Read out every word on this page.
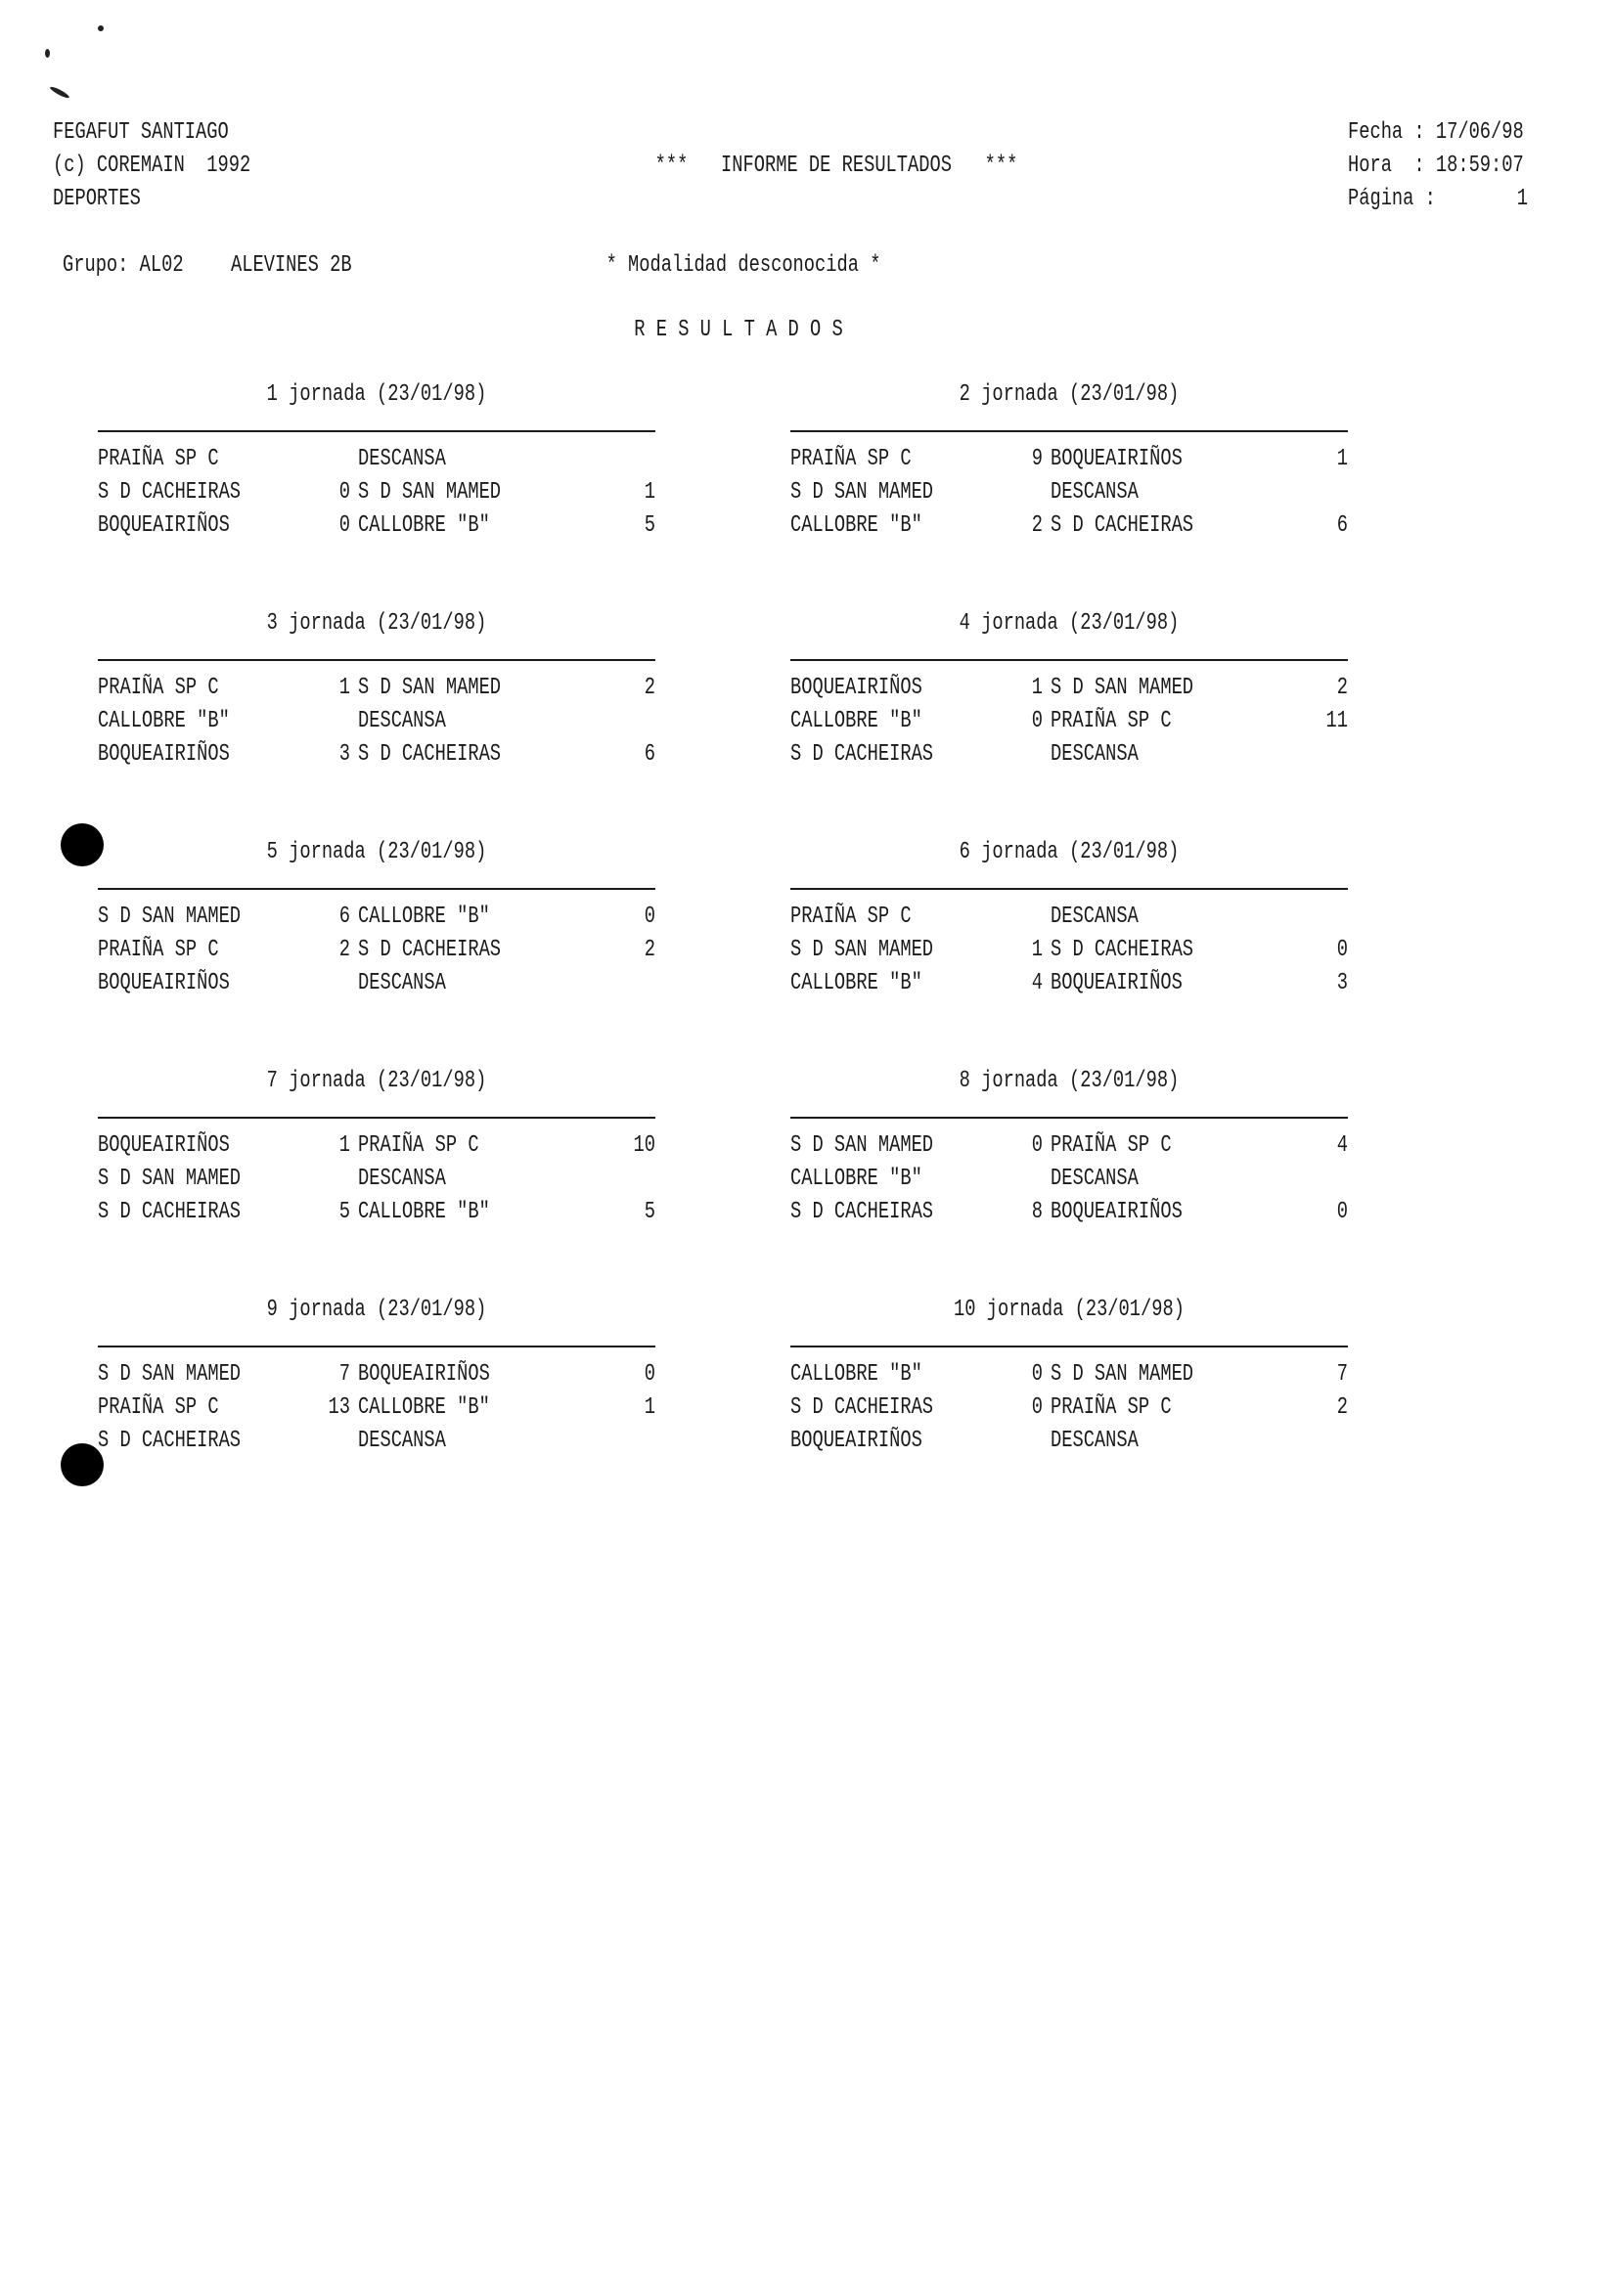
FEGAFUT SANTIAGO
(c) COREMAIN  1992
DEPORTES
***   INFORME DE RESULTADOS   ***
Fecha : 17/06/98
Hora  : 18:59:07
Página :	1
Grupo: AL02 ALEVINES 2B	* Modalidad desconocida *
R E S U L T A D O S
1 jornada (23/01/98)
PRAIÑA SP C	DESCANSA
S D CACHEIRAS	0 S D SAN MAMED	1
BOQUEAIRIÑOS	0 CALLOBRE "B"	5
2 jornada (23/01/98)
PRAIÑA SP C	9 BOQUEAIRIÑOS	1
S D SAN MAMED	DESCANSA
CALLOBRE "B"	2 S D CACHEIRAS	6
3 jornada (23/01/98)
PRAIÑA SP C	1 S D SAN MAMED	2
CALLOBRE "B"	DESCANSA
BOQUEAIRIÑOS	3 S D CACHEIRAS	6
4 jornada (23/01/98)
BOQUEAIRIÑOS	1 S D SAN MAMED	2
CALLOBRE "B"	0 PRAIÑA SP C	11
S D CACHEIRAS	DESCANSA
5 jornada (23/01/98)
S D SAN MAMED	6 CALLOBRE "B"	0
PRAIÑA SP C	2 S D CACHEIRAS	2
BOQUEAIRIÑOS	DESCANSA
6 jornada (23/01/98)
PRAIÑA SP C	DESCANSA
S D SAN MAMED	1 S D CACHEIRAS	0
CALLOBRE "B"	4 BOQUEAIRIÑOS	3
7 jornada (23/01/98)
BOQUEAIRIÑOS	1 PRAIÑA SP C	10
S D SAN MAMED	DESCANSA
S D CACHEIRAS	5 CALLOBRE "B"	5
8 jornada (23/01/98)
S D SAN MAMED	0 PRAIÑA SP C	4
CALLOBRE "B"	DESCANSA
S D CACHEIRAS	8 BOQUEAIRIÑOS	0
9 jornada (23/01/98)
S D SAN MAMED	7 BOQUEAIRIÑOS	0
PRAIÑA SP C	13 CALLOBRE "B"	1
S D CACHEIRAS	DESCANSA
10 jornada (23/01/98)
CALLOBRE "B"	0 S D SAN MAMED	7
S D CACHEIRAS	0 PRAIÑA SP C	2
BOQUEAIRIÑOS	DESCANSA
